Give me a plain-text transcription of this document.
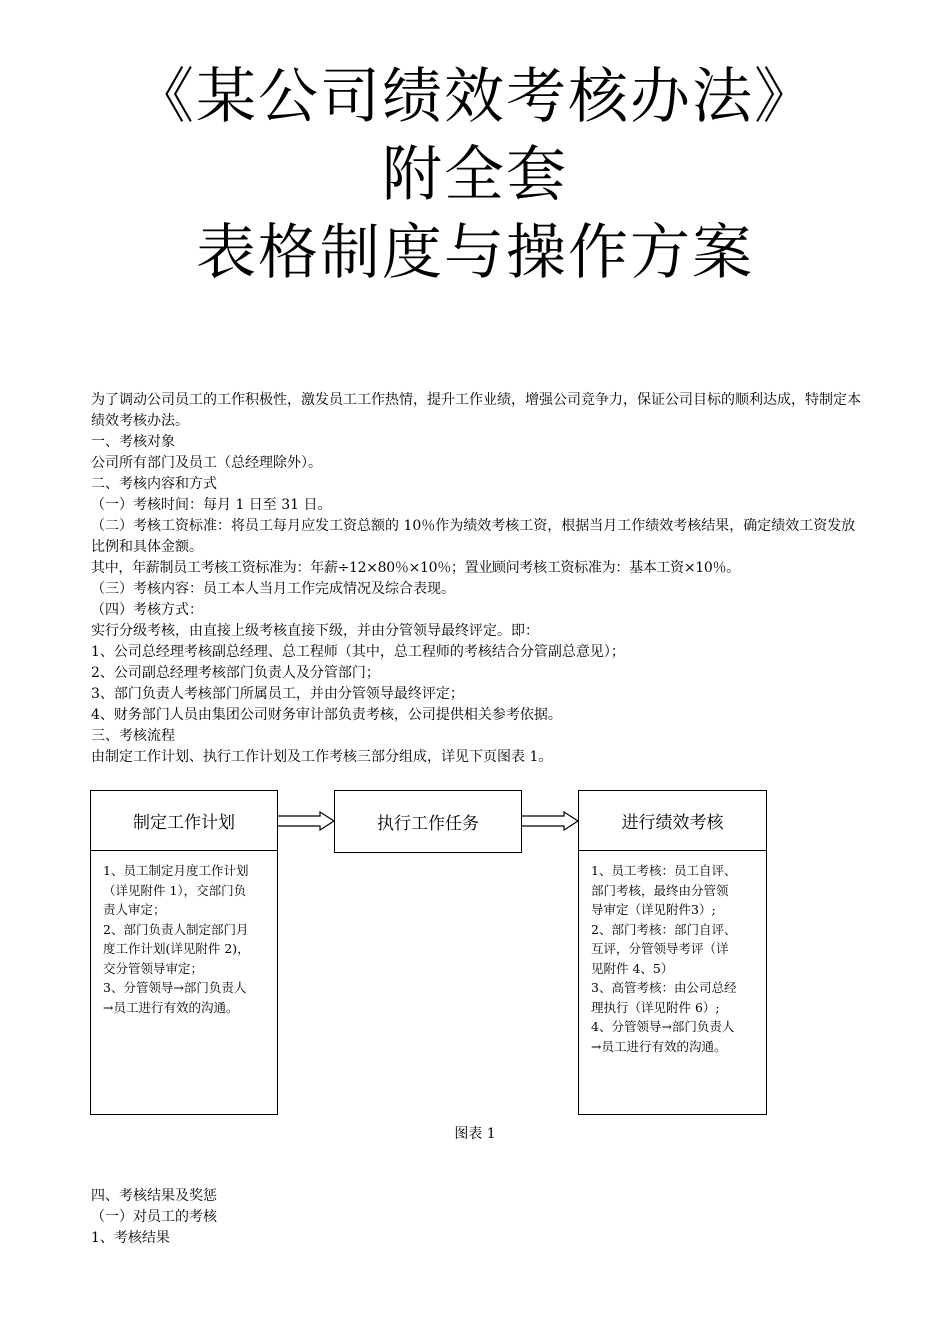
《某公司绩效考核办法》
附全套
表格制度与操作方案

为了调动公司员工的工作积极性，激发员工工作热情，提升工作业绩，增强公司竞争力，保证公司目标的顺利达成，特制定本绩效考核办法。

一、考核对象

公司所有部门及员工（总经理除外）。

二、考核内容和方式

（一）考核时间：每月 1 日至 31 日。

（二）考核工资标准：将员工每月应发工资总额的 10％作为绩效考核工资，根据当月工作绩效考核结果，确定绩效工资发放比例和具体金额。

其中，年薪制员工考核工资标准为：年薪÷12×80％×10％；置业顾问考核工资标准为：基本工资×10％。

（三）考核内容：员工本人当月工作完成情况及综合表现。

（四）考核方式：

实行分级考核，由直接上级考核直接下级，并由分管领导最终评定。即：

1、公司总经理考核副总经理、总工程师（其中，总工程师的考核结合分管副总意见）；

2、公司副总经理考核部门负责人及分管部门；

3、部门负责人考核部门所属员工，并由分管领导最终评定；

4、财务部门人员由集团公司财务审计部负责考核，公司提供相关参考依据。

三、考核流程

由制定工作计划、执行工作计划及工作考核三部分组成，详见下页图表 1。

制定工作计划

1、员工制定月度工作计划

（详见附件 1），交部门负

责人审定；

2、部门负责人制定部门月

度工作计划(详见附件 2)，

交分管领导审定；

3、分管领导→部门负责人

→员工进行有效的沟通。

执行工作任务	进行绩效考核

1、员工考核：员工自评、

部门考核，最终由分管领

导审定（详见附件3）;

2、部门考核：部门自评、

互评，分管领导考评（详

见附件 4、5）

3、高管考核：由公司总经

理执行（详见附件 6）;

4、分管领导→部门负责人

→员工进行有效的沟通。

图表 1

四、考核结果及奖惩

（一）对员工的考核

1、考核结果
